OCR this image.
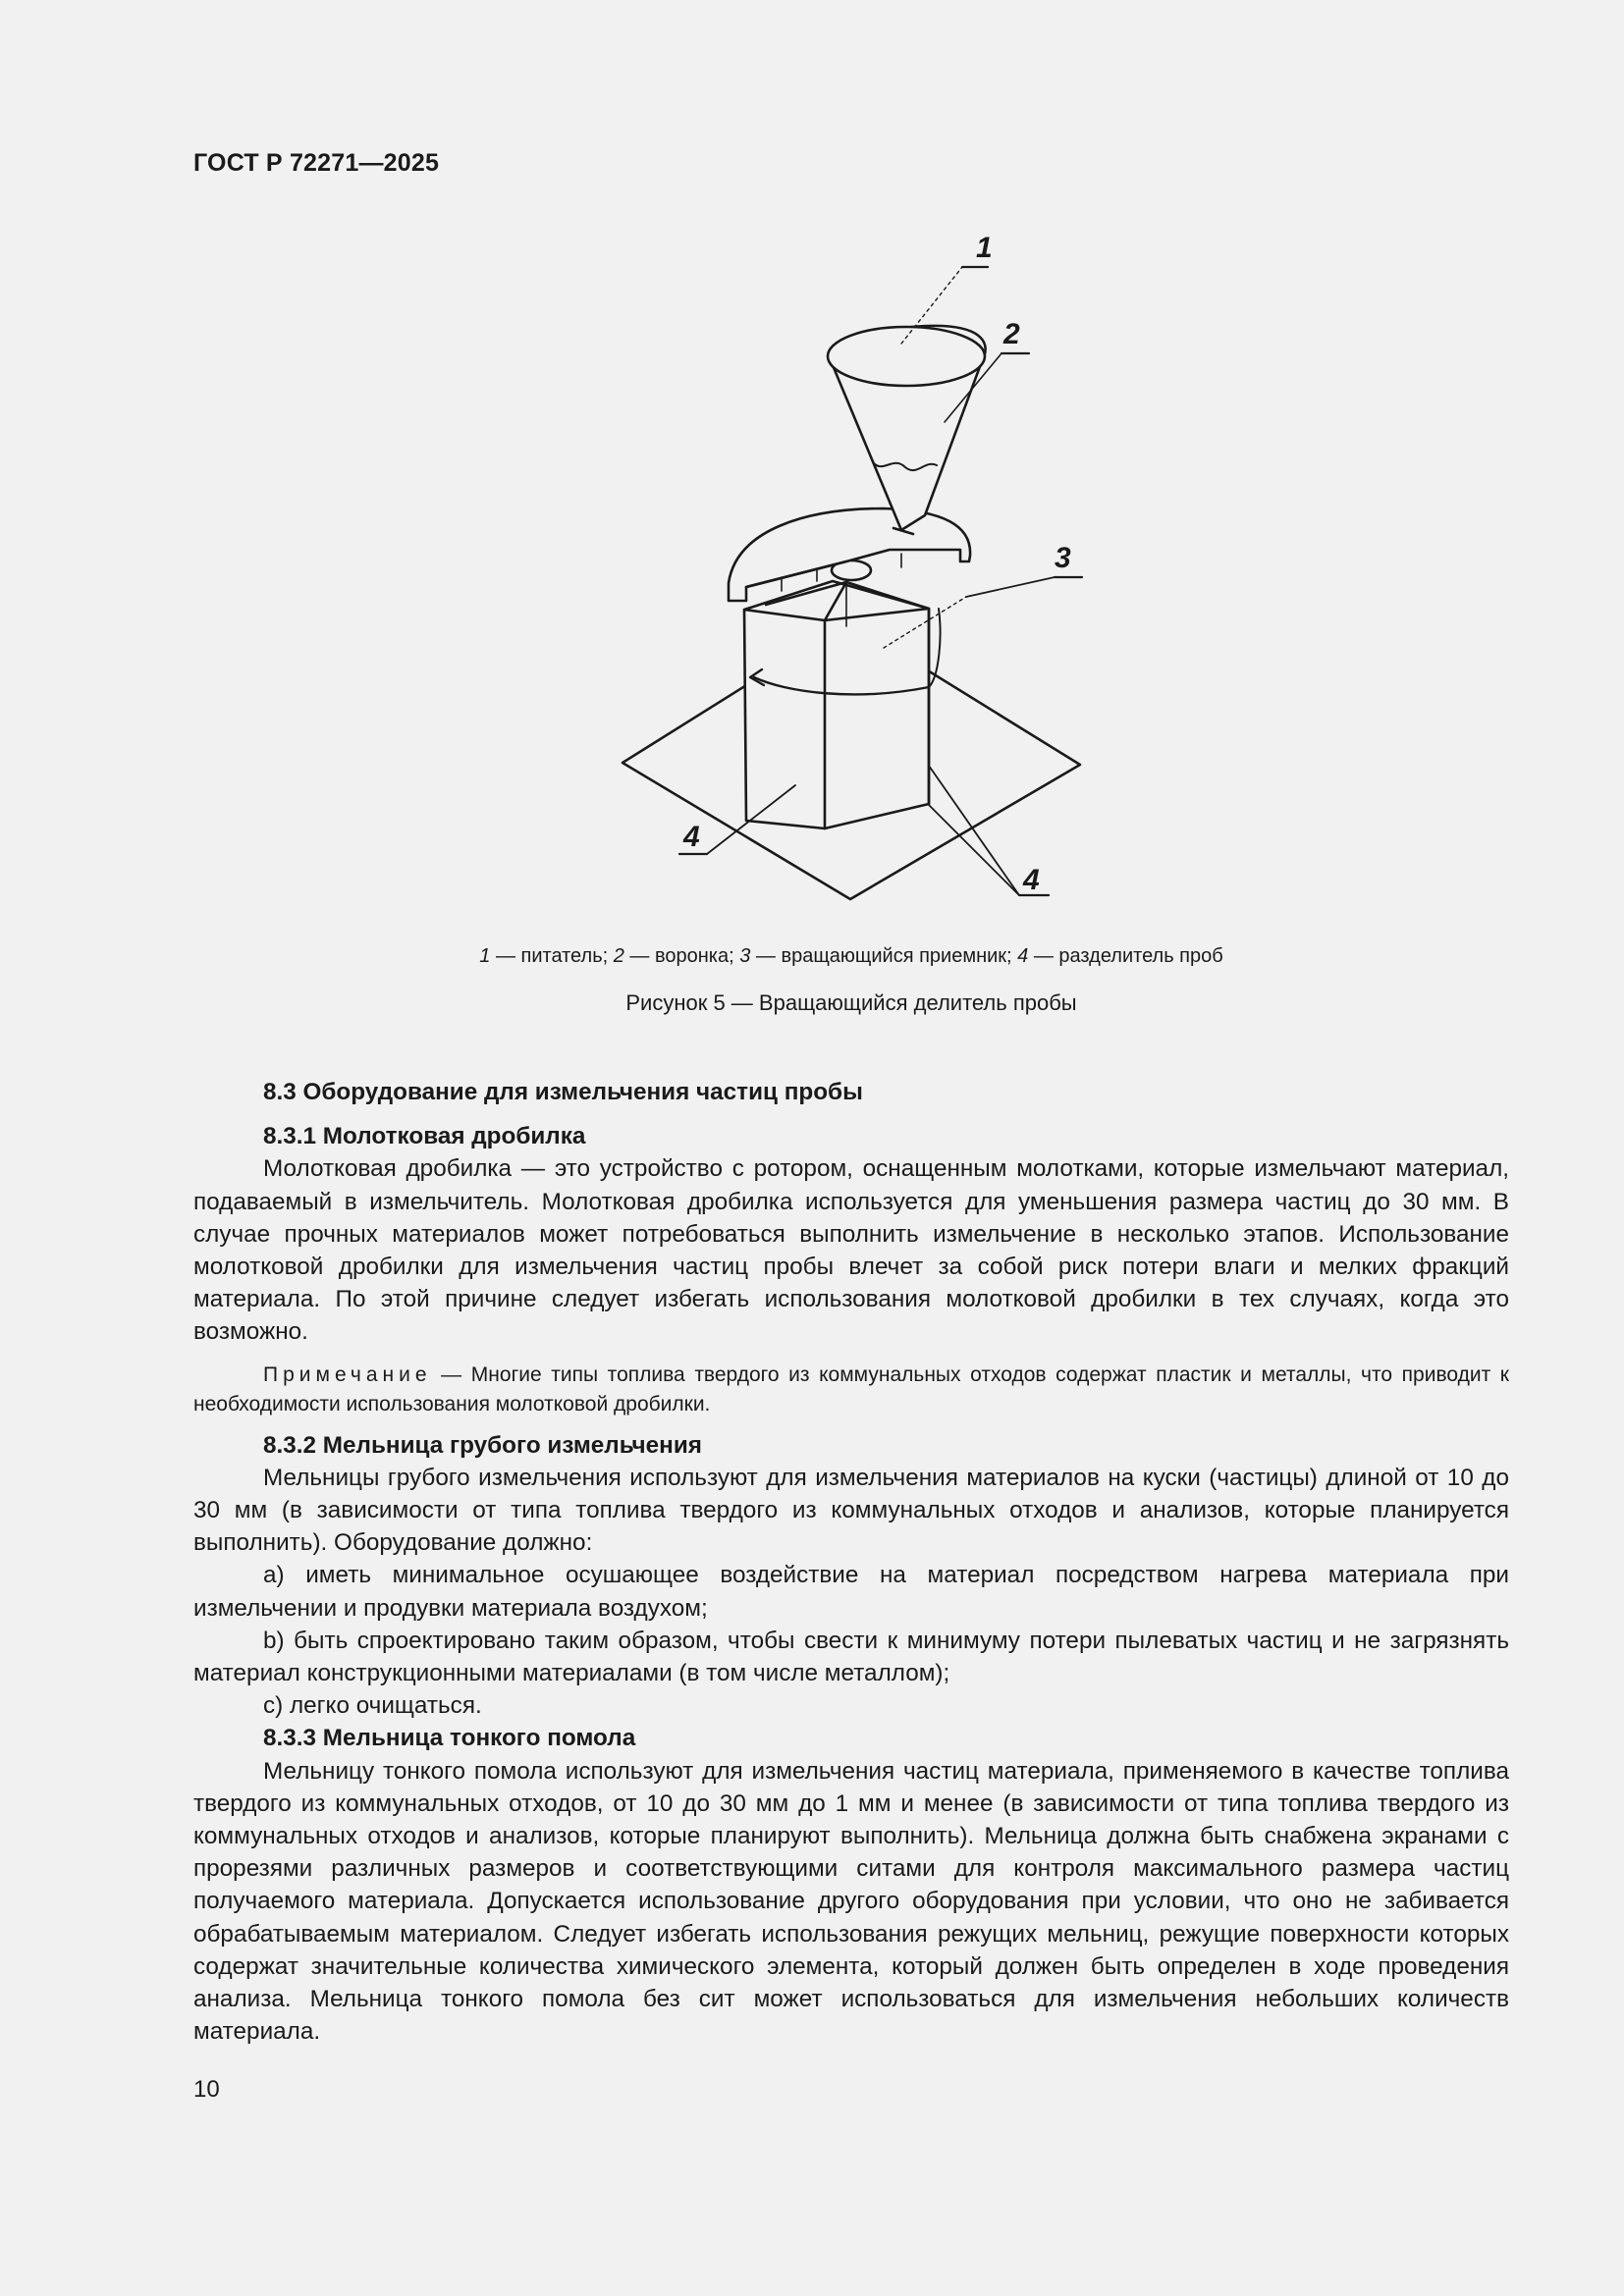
ГОСТ Р 72271—2025
1
2
3
4
4
1 — питатель; 2 — воронка; 3 — вращающийся приемник; 4 — разделитель проб
Рисунок 5 — Вращающийся делитель пробы
8.3 Оборудование для измельчения частиц пробы
8.3.1 Молотковая дробилка

Молотковая дробилка — это устройство с ротором, оснащенным молотками, которые измельчают материал, подаваемый в измельчитель. Молотковая дробилка используется для уменьшения размера частиц до 30 мм. В случае прочных материалов может потребоваться выполнить измельчение в несколько этапов. Использование молотковой дробилки для измельчения частиц пробы влечет за собой риск потери влаги и мелких фракций материала. По этой причине следует избегать использования молотковой дробилки в тех случаях, когда это возможно.

Примечание — Многие типы топлива твердого из коммунальных отходов содержат пластик и металлы, что приводит к необходимости использования молотковой дробилки.

8.3.2 Мельница грубого измельчения

Мельницы грубого измельчения используют для измельчения материалов на куски (частицы) длиной от 10 до 30 мм (в зависимости от типа топлива твердого из коммунальных отходов и анализов, которые планируется выполнить). Оборудование должно:

a) иметь минимальное осушающее воздействие на материал посредством нагрева материала при измельчении и продувки материала воздухом;

b) быть спроектировано таким образом, чтобы свести к минимуму потери пылеватых частиц и не загрязнять материал конструкционными материалами (в том числе металлом);

c) легко очищаться.

8.3.3 Мельница тонкого помола

Мельницу тонкого помола используют для измельчения частиц материала, применяемого в качестве топлива твердого из коммунальных отходов, от 10 до 30 мм до 1 мм и менее (в зависимости от типа топлива твердого из коммунальных отходов и анализов, которые планируют выполнить). Мельница должна быть снабжена экранами с прорезями различных размеров и соответствующими ситами для контроля максимального размера частиц получаемого материала. Допускается использование другого оборудования при условии, что оно не забивается обрабатываемым материалом. Следует избегать использования режущих мельниц, режущие поверхности которых содержат значительные количества химического элемента, который должен быть определен в ходе проведения анализа. Мельница тонкого помола без сит может использоваться для измельчения небольших количеств материала.

10
